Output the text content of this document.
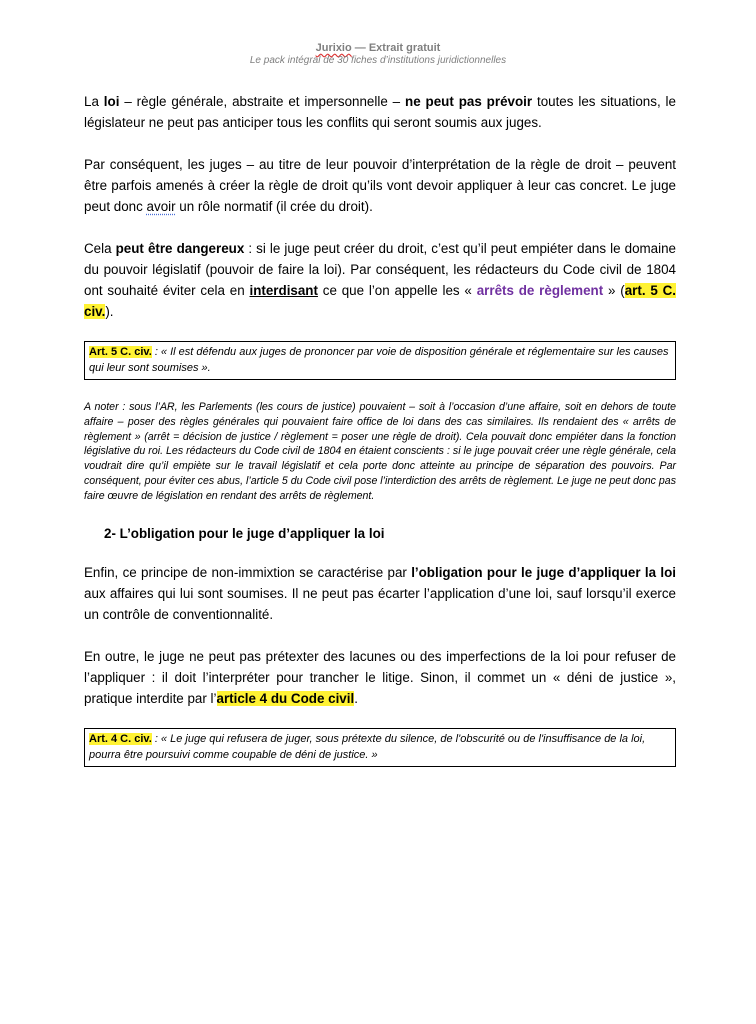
Jurixio — Extrait gratuit
Le pack intégral de 30 fiches d’institutions juridictionnelles

La loi – règle générale, abstraite et impersonnelle – ne peut pas prévoir toutes les situations, le législateur ne peut pas anticiper tous les conflits qui seront soumis aux juges.

Par conséquent, les juges – au titre de leur pouvoir d’interprétation de la règle de droit – peuvent être parfois amenés à créer la règle de droit qu’ils vont devoir appliquer à leur cas concret. Le juge peut donc avoir un rôle normatif (il crée du droit).

Cela peut être dangereux : si le juge peut créer du droit, c’est qu’il peut empiéter dans le domaine du pouvoir législatif (pouvoir de faire la loi). Par conséquent, les rédacteurs du Code civil de 1804 ont souhaité éviter cela en interdisant ce que l’on appelle les « arrêts de règlement » (art. 5 C. civ.).

Art. 5 C. civ. : « Il est défendu aux juges de prononcer par voie de disposition générale et réglementaire sur les causes qui leur sont soumises ».
A noter : sous l’AR, les Parlements (les cours de justice) pouvaient – soit à l’occasion d’une affaire, soit en dehors de toute affaire – poser des règles générales qui pouvaient faire office de loi dans des cas similaires. Ils rendaient des « arrêts de règlement » (arrêt = décision de justice / règlement = poser une règle de droit). Cela pouvait donc empiéter dans la fonction législative du roi. Les rédacteurs du Code civil de 1804 en étaient conscients : si le juge pouvait créer une règle générale, cela voudrait dire qu’il empiète sur le travail législatif et cela porte donc atteinte au principe de séparation des pouvoirs. Par conséquent, pour éviter ces abus, l’article 5 du Code civil pose l’interdiction des arrêts de règlement. Le juge ne peut donc pas faire œuvre de législation en rendant des arrêts de règlement.
2- L’obligation pour le juge d’appliquer la loi

Enfin, ce principe de non-immixtion se caractérise par l’obligation pour le juge d’appliquer la loi aux affaires qui lui sont soumises. Il ne peut pas écarter l’application d’une loi, sauf lorsqu’il exerce un contrôle de conventionnalité.

En outre, le juge ne peut pas prétexter des lacunes ou des imperfections de la loi pour refuser de l’appliquer : il doit l’interpréter pour trancher le litige. Sinon, il commet un « déni de justice », pratique interdite par l’article 4 du Code civil.

Art. 4 C. civ. : « Le juge qui refusera de juger, sous prétexte du silence, de l'obscurité ou de l'insuffisance de la loi, pourra être poursuivi comme coupable de déni de justice. »
